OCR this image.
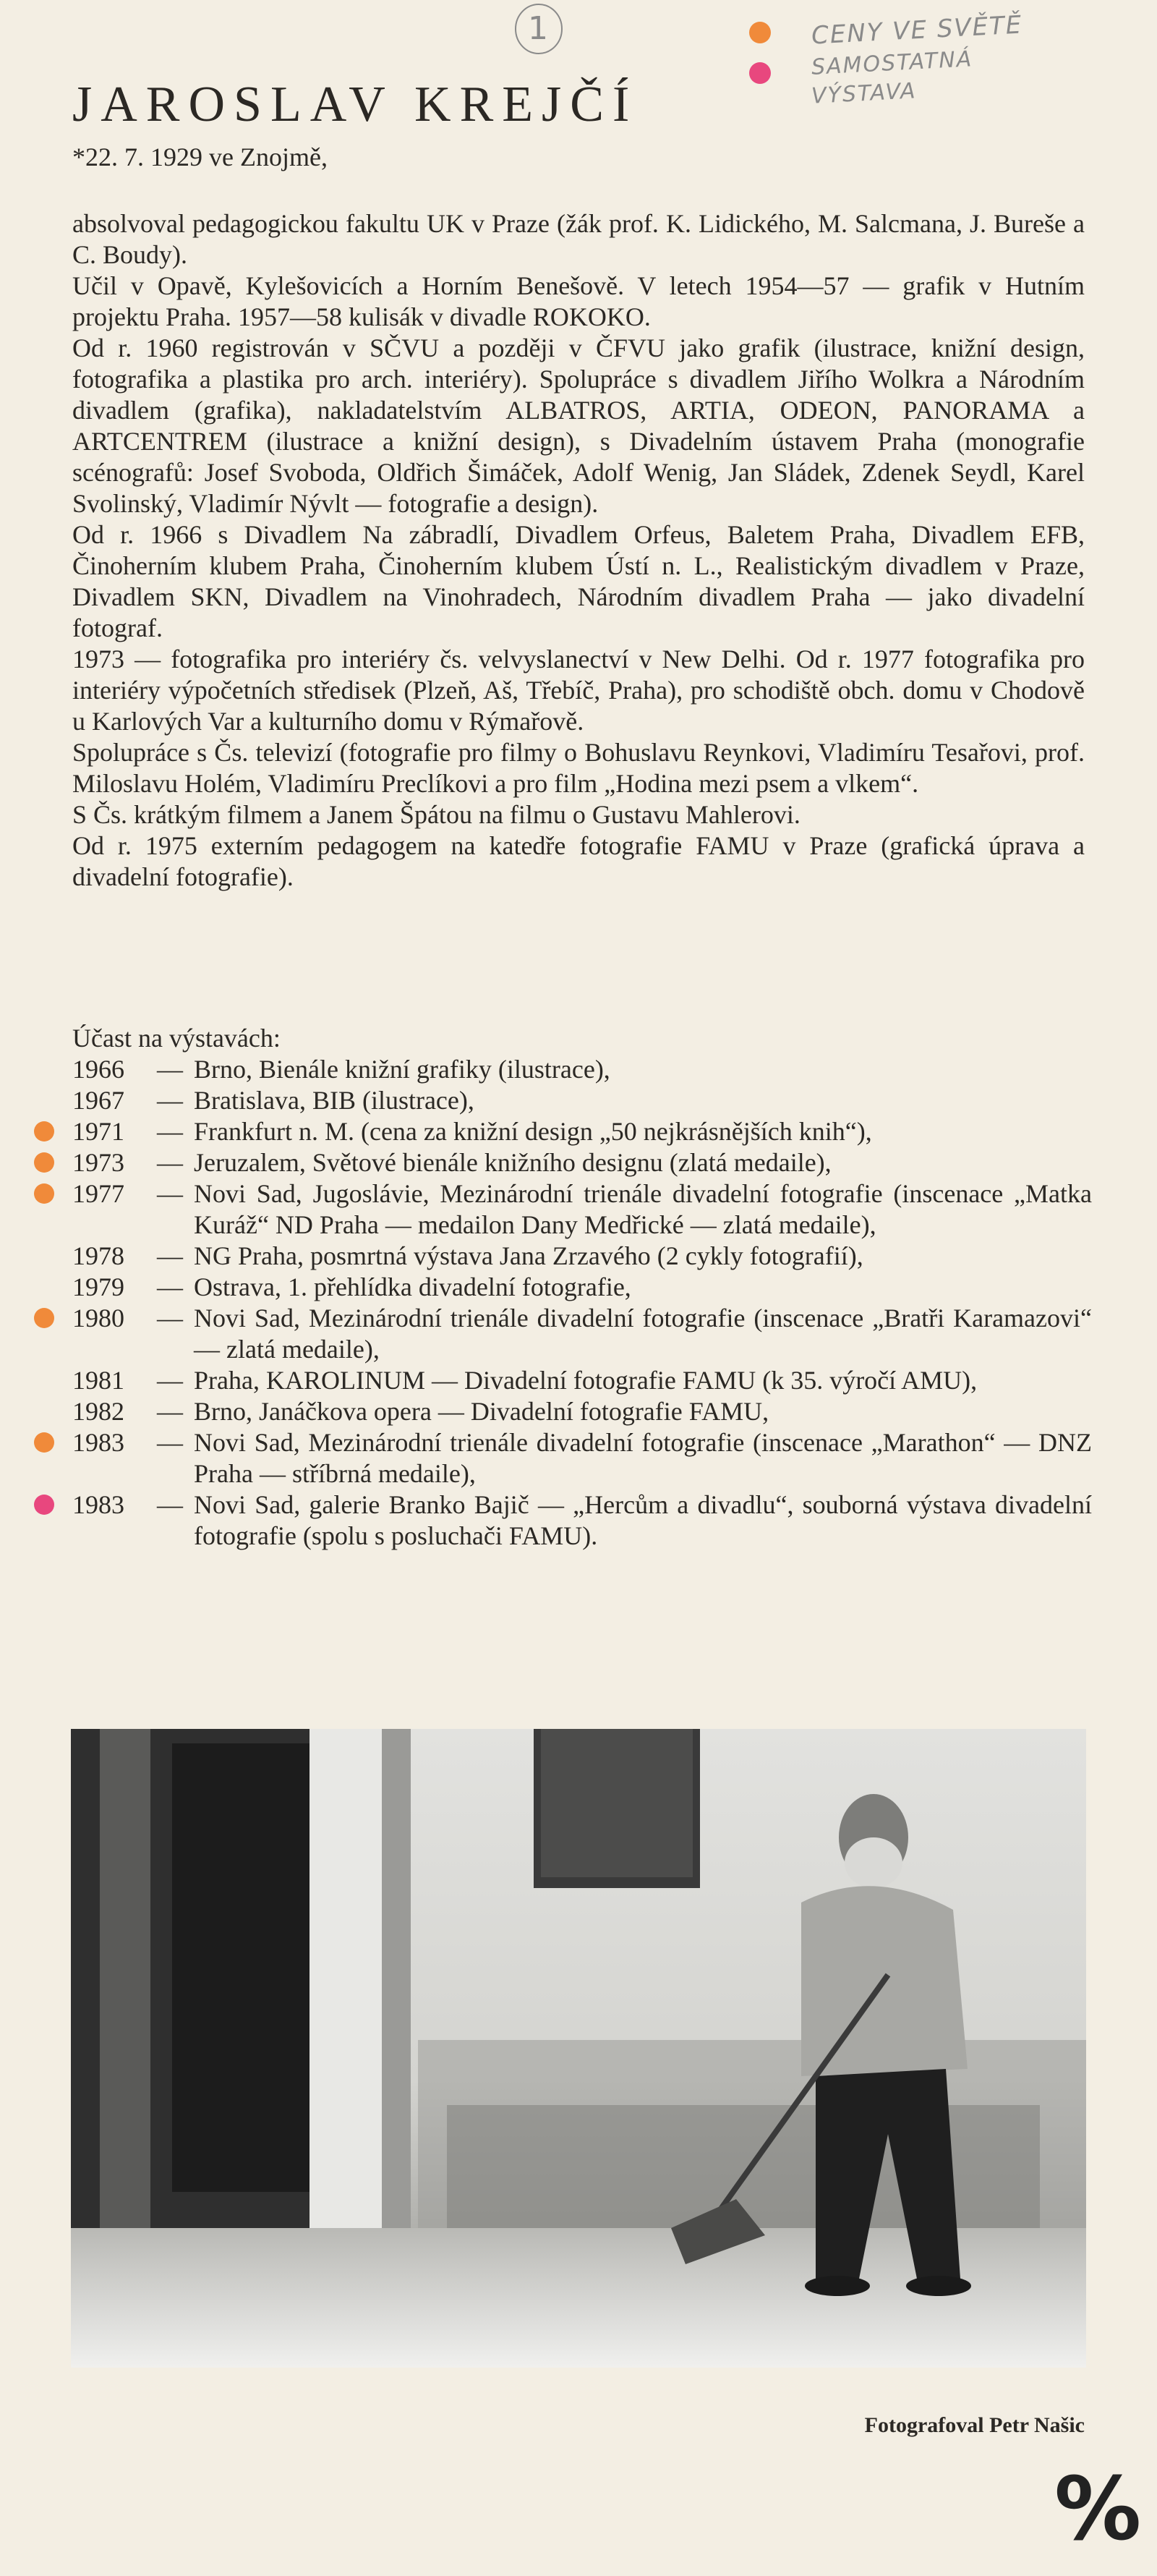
1	CENY VE SVĚTĚ
SAMOSTATNÁ
VÝSTAVA
JAROSLAV KREJČÍ
*22. 7. 1929 ve Znojmě,

absolvoval pedagogickou fakultu UK v Praze (žák prof. K. Lidického, M. Salcmana, J. Bureše a C. Boudy).

Učil v Opavě, Kylešovicích a Horním Benešově. V letech 1954—57 — grafik v Hutním projektu Praha. 1957—58 kulisák v divadle ROKOKO.

Od r. 1960 registrován v SČVU a později v ČFVU jako grafik (ilustrace, knižní design, fotografika a plastika pro arch. interiéry). Spolupráce s divadlem Jiřího Wolkra a Národním divadlem (grafika), nakladatelstvím ALBATROS, ARTIA, ODEON, PANORAMA a ARTCENTREM (ilustrace a knižní design), s Divadelním ústavem Praha (monografie scénografů: Josef Svoboda, Oldřich Šimáček, Adolf Wenig, Jan Sládek, Zdenek Seydl, Karel Svolinský, Vladimír Nývlt — fotografie a design).

Od r. 1966 s Divadlem Na zábradlí, Divadlem Orfeus, Baletem Praha, Divadlem EFB, Činoherním klubem Praha, Činoherním klubem Ústí n. L., Realistickým divadlem v Praze, Divadlem SKN, Divadlem na Vinohradech, Národním divadlem Praha — jako divadelní fotograf.

1973 — fotografika pro interiéry čs. velvyslanectví v New Delhi. Od r. 1977 fotografika pro interiéry výpočetních středisek (Plzeň, Aš, Třebíč, Praha), pro schodiště obch. domu v Chodově u Karlových Var a kulturního domu v Rýmařově.

Spolupráce s Čs. televizí (fotografie pro filmy o Bohuslavu Reynkovi, Vladimíru Tesařovi, prof. Miloslavu Holém, Vladimíru Preclíkovi a pro film „Hodina mezi psem a vlkem“.

S Čs. krátkým filmem a Janem Špátou na filmu o Gustavu Mahlerovi.

Od r. 1975 externím pedagogem na katedře fotografie FAMU v Praze (grafická úprava a divadelní fotografie).

Účast na výstavách:
1966	— Brno, Bienále knižní grafiky (ilustrace),
1967	— Bratislava, BIB (ilustrace),
1971	— Frankfurt n. M. (cena za knižní design „50 nejkrásnějších knih“),
1973	— Jeruzalem, Světové bienále knižního designu (zlatá medaile),
1977	— Novi Sad, Jugoslávie, Mezinárodní trienále divadelní fotografie (inscenace „Matka Kuráž“ ND Praha — medailon Dany Medřické — zlatá medaile),
1978	— NG Praha, posmrtná výstava Jana Zrzavého (2 cykly fotografií),
1979	— Ostrava, 1. přehlídka divadelní fotografie,
1980	— Novi Sad, Mezinárodní trienále divadelní fotografie (inscenace „Bratři Karamazovi“ — zlatá medaile),
1981	— Praha, KAROLINUM — Divadelní fotografie FAMU (k 35. výročí AMU),
1982	— Brno, Janáčkova opera — Divadelní fotografie FAMU,
1983	— Novi Sad, Mezinárodní trienále divadelní fotografie (inscenace „Marathon“ — DNZ Praha — stříbrná medaile),
1983	— Novi Sad, galerie Branko Bajič — „Hercům a divadlu“, souborná výstava divadelní fotografie (spolu s posluchači FAMU).
Fotografoval Petr Našic
%
